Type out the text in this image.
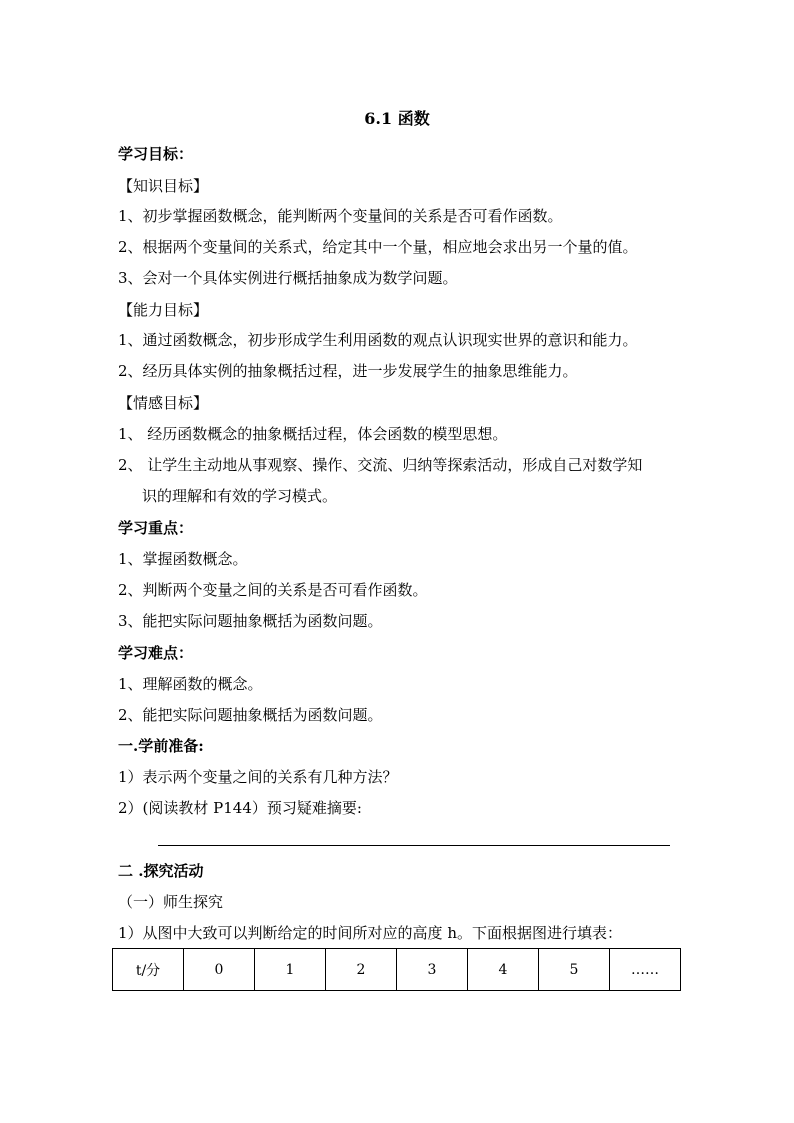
6.1 函数
学习目标：
【知识目标】
1、初步掌握函数概念，能判断两个变量间的关系是否可看作函数。
2、根据两个变量间的关系式，给定其中一个量，相应地会求出另一个量的值。
3、会对一个具体实例进行概括抽象成为数学问题。
【能力目标】
1、通过函数概念，初步形成学生利用函数的观点认识现实世界的意识和能力。
2、经历具体实例的抽象概括过程，进一步发展学生的抽象思维能力。
【情感目标】
1、 经历函数概念的抽象概括过程，体会函数的模型思想。
2、 让学生主动地从事观察、操作、交流、归纳等探索活动，形成自己对数学知
识的理解和有效的学习模式。
学习重点：
1、掌握函数概念。
2、判断两个变量之间的关系是否可看作函数。
3、能把实际问题抽象概括为函数问题。
学习难点：
1、理解函数的概念。
2、能把实际问题抽象概括为函数问题。
一.学前准备:
1）表示两个变量之间的关系有几种方法？
2）(阅读教材 P144）预习疑难摘要:
二 .探究活动
（一）师生探究
1）从图中大致可以判断给定的时间所对应的高度 h。下面根据图进行填表：
t/分	0	1	2	3	4	5	……
